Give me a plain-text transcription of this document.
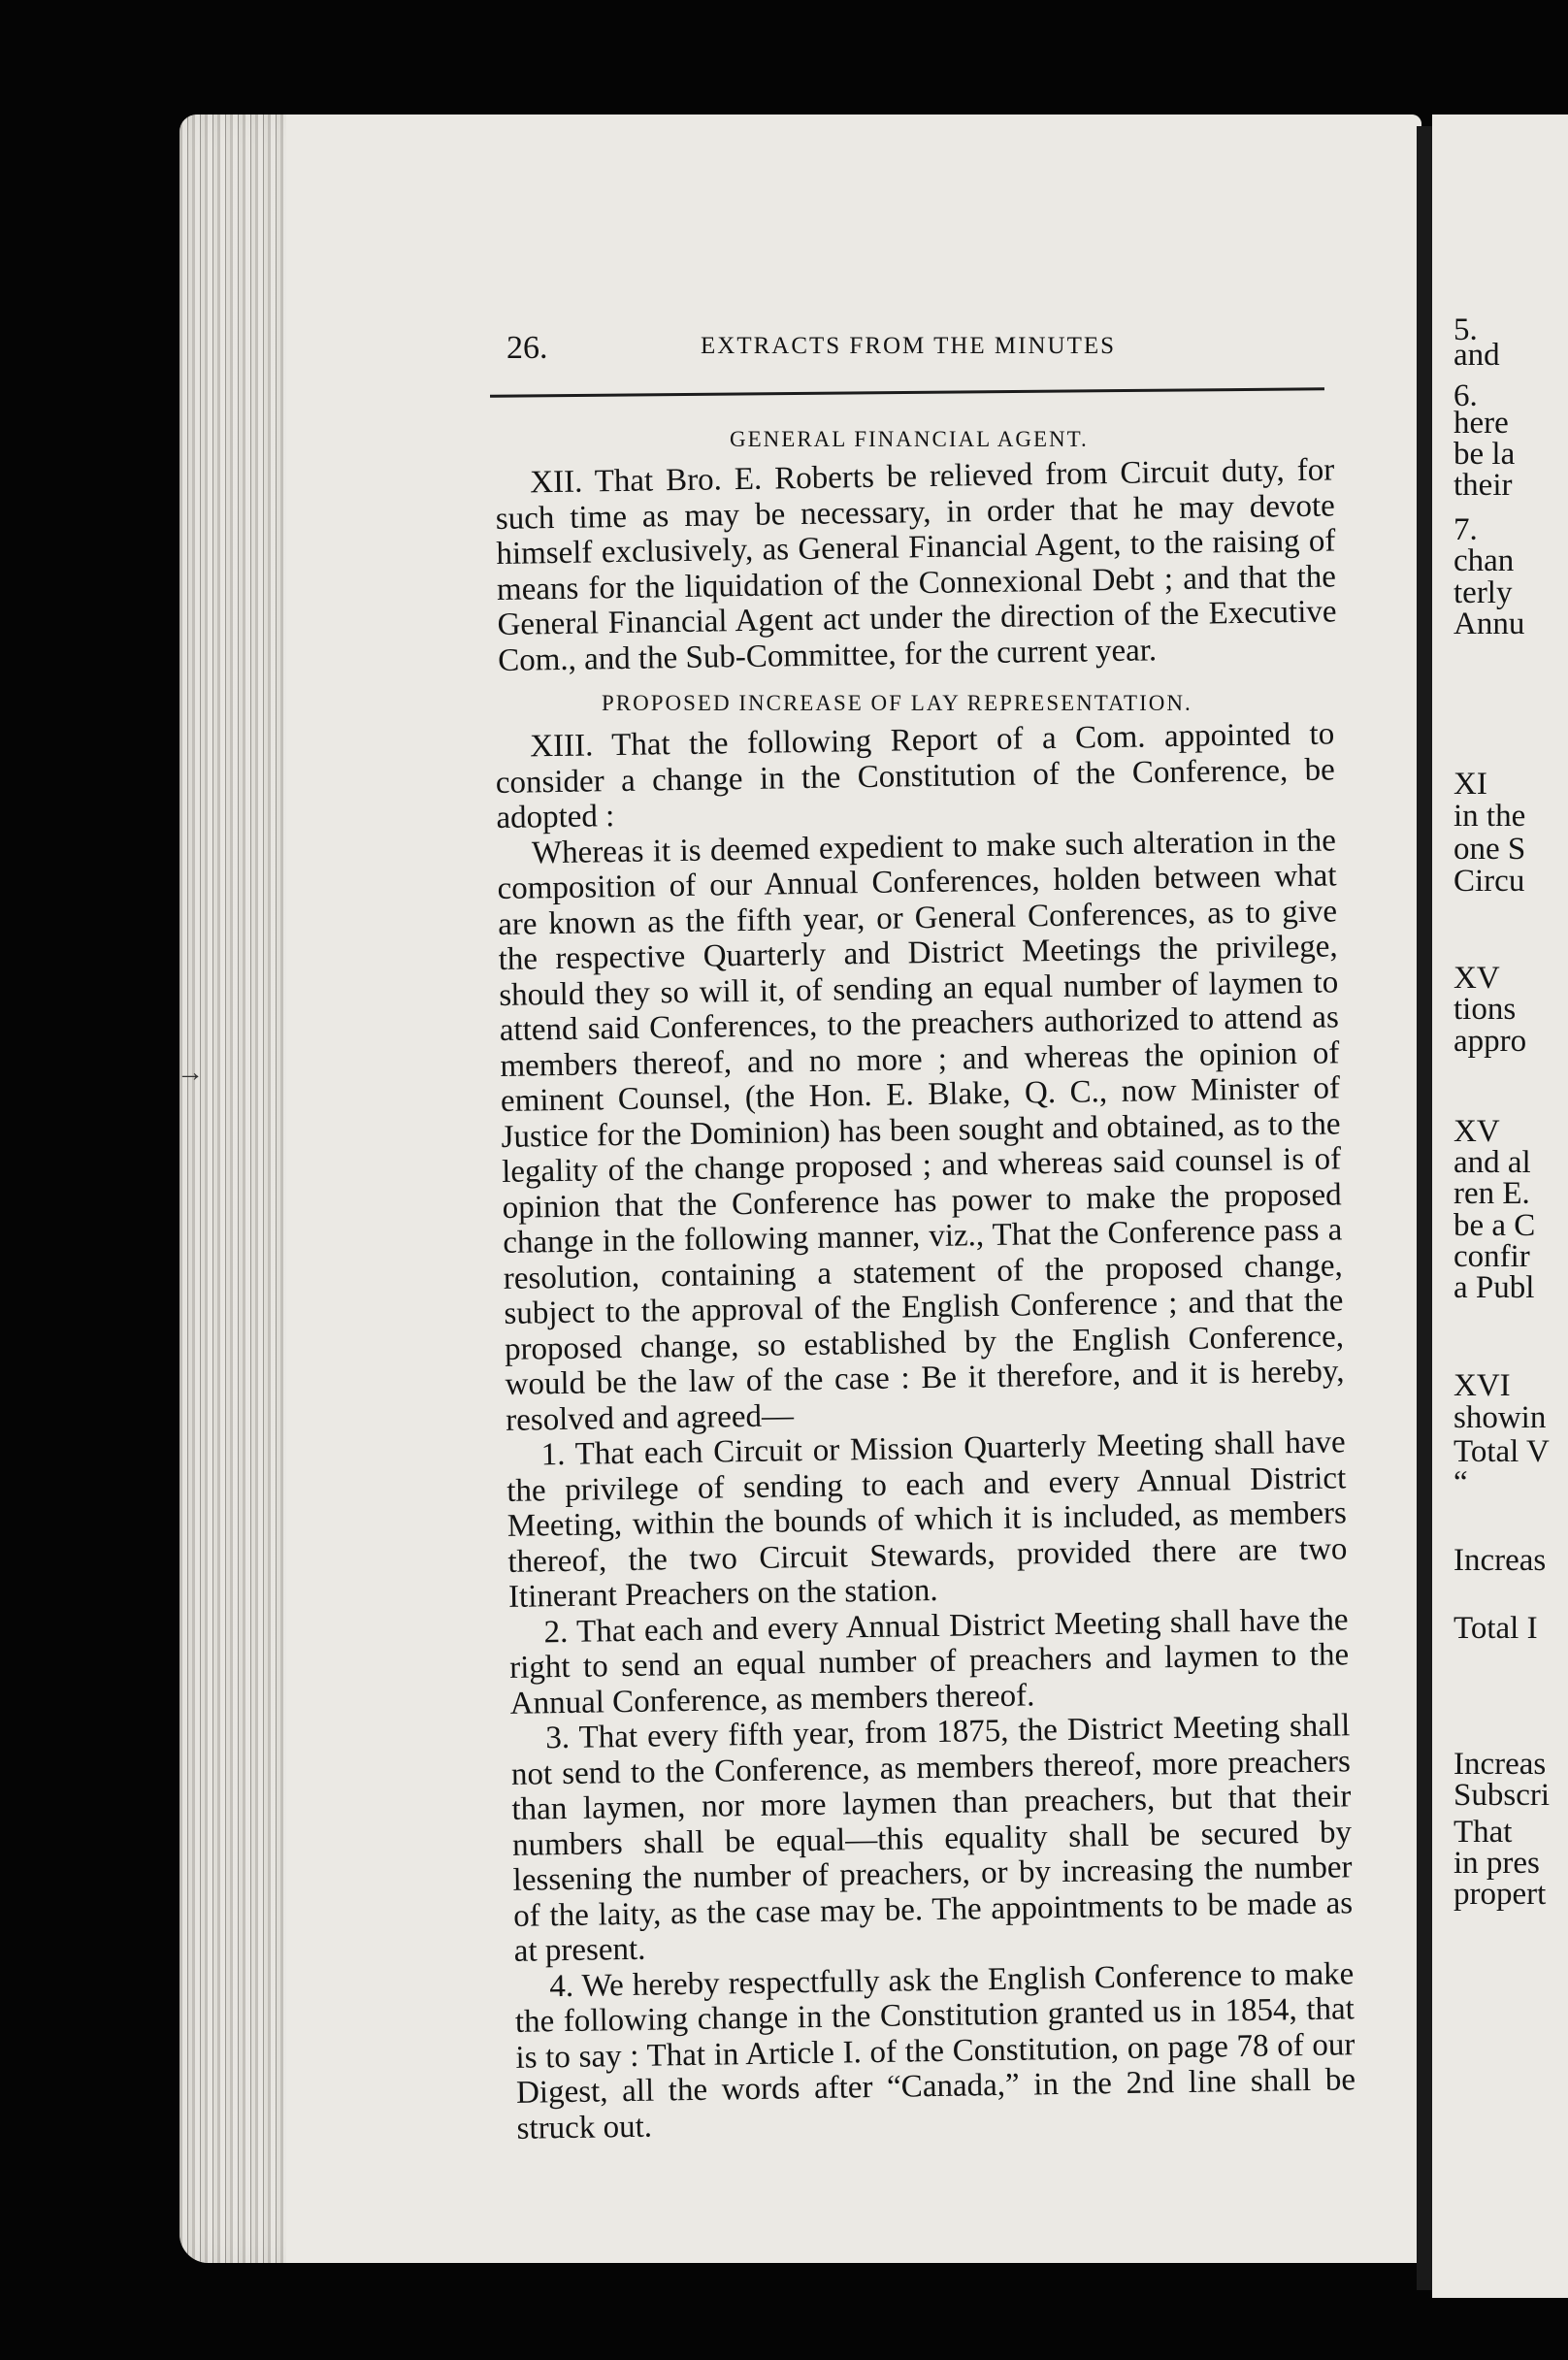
5.
and
6.
here
be la
their
7.
chan
terly
Annu
XI
in the
one S
Circu
XV
tions
appro
XV
and al
ren E.
be a C
confir
a Publ
XVI
showin
Total V
“
Increas
Total I
Increas
Subscri
That
in pres
propert
26.	EXTRACTS FROM THE MINUTES
GENERAL FINANCIAL AGENT.

XII. That Bro. E. Roberts be relieved from Circuit duty, for such time as may be necessary, in order that he may devote himself exclusively, as General Financial Agent, to the raising of means for the liquidation of the Connexional Debt ; and that the General Financial Agent act under the direction of the Executive Com., and the Sub-Committee, for the current year.

PROPOSED INCREASE OF LAY REPRESENTATION.

XIII. That the following Report of a Com. appointed to consider a change in the Constitution of the Conference, be adopted :

Whereas it is deemed expedient to make such alteration in the composition of our Annual Conferences, holden between what are known as the fifth year, or General Conferences, as to give the respective Quarterly and District Meetings the privilege, should they so will it, of sending an equal number of laymen to attend said Conferences, to the preachers authorized to attend as members thereof, and no more ; and whereas the opinion of eminent Counsel, (the Hon. E. Blake, Q. C., now Minister of Justice for the Dominion) has been sought and obtained, as to the legality of the change proposed ; and whereas said counsel is of opinion that the Conference has power to make the proposed change in the following manner, viz., That the Conference pass a resolution, containing a statement of the proposed change, subject to the approval of the English Conference ; and that the proposed change, so established by the English Conference, would be the law of the case : Be it therefore, and it is hereby, resolved and agreed—

1. That each Circuit or Mission Quarterly Meeting shall have the privilege of sending to each and every Annual District Meeting, within the bounds of which it is included, as members thereof, the two Circuit Stewards, provided there are two Itinerant Preachers on the station.

2. That each and every Annual District Meeting shall have the right to send an equal number of preachers and laymen to the Annual Conference, as members thereof.

3. That every fifth year, from 1875, the District Meeting shall not send to the Conference, as members thereof, more preachers than laymen, nor more laymen than preachers, but that their numbers shall be equal—this equality shall be secured by lessening the number of preachers, or by increasing the number of the laity, as the case may be. The appointments to be made as at present.

4. We hereby respectfully ask the English Conference to make the following change in the Constitution granted us in 1854, that is to say : That in Article I. of the Constitution, on page 78 of our Digest, all the words after “Canada,” in the 2nd line shall be struck out.

→
